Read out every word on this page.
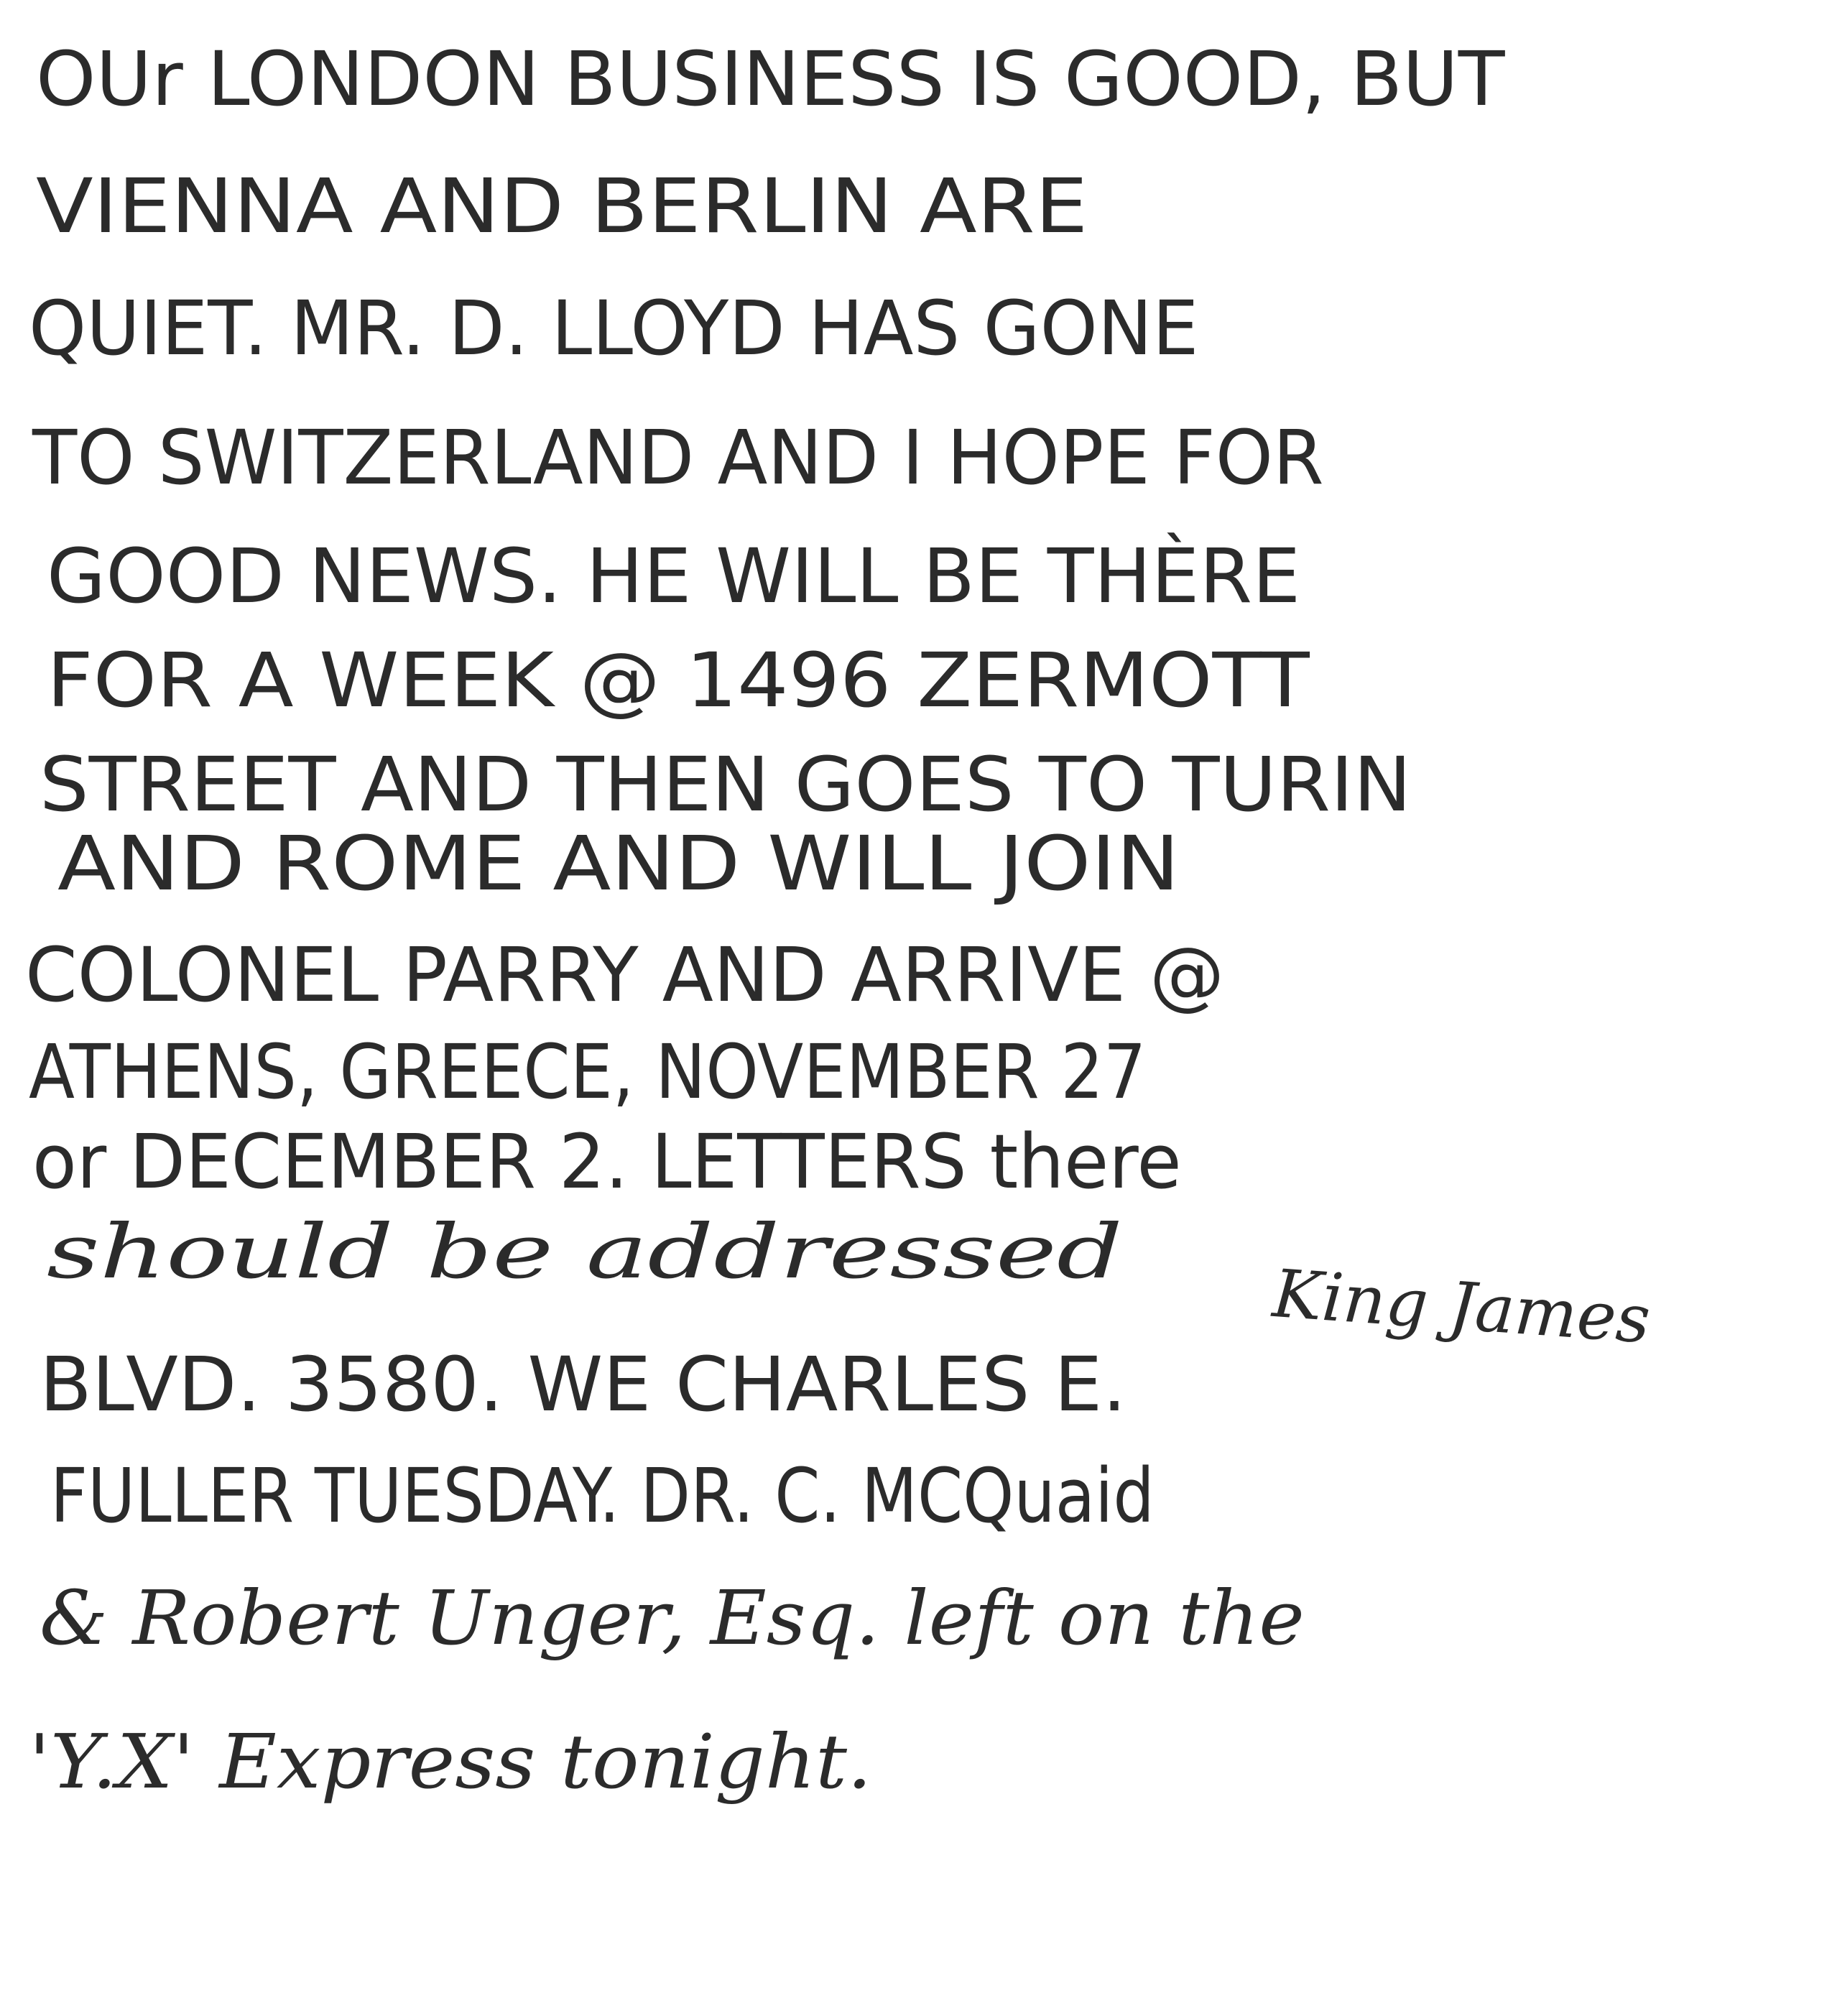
OUr LONDON BUSINESS IS GOOD, BUT

VIENNA AND BERLIN ARE

QUIET. MR. D. LLOYD HAS GONE

TO SWITZERLAND AND I HOPE FOR

GOOD NEWS. HE WILL BE THÈRE

FOR A WEEK @ 1496 ZERMOTT

STREET AND THEN GOES TO TURIN

AND ROME AND WILL JOIN

COLONEL PARRY AND ARRIVE @

ATHENS, GREECE, NOVEMBER 27

or DECEMBER 2. LETTERS there

should be addressed

King James

BLVD. 3580. WE CHARLES E.

FULLER TUESDAY. DR. C. MCQuaid

& Robert Unger, Esq. left on the

'Y.X' Express tonight.
